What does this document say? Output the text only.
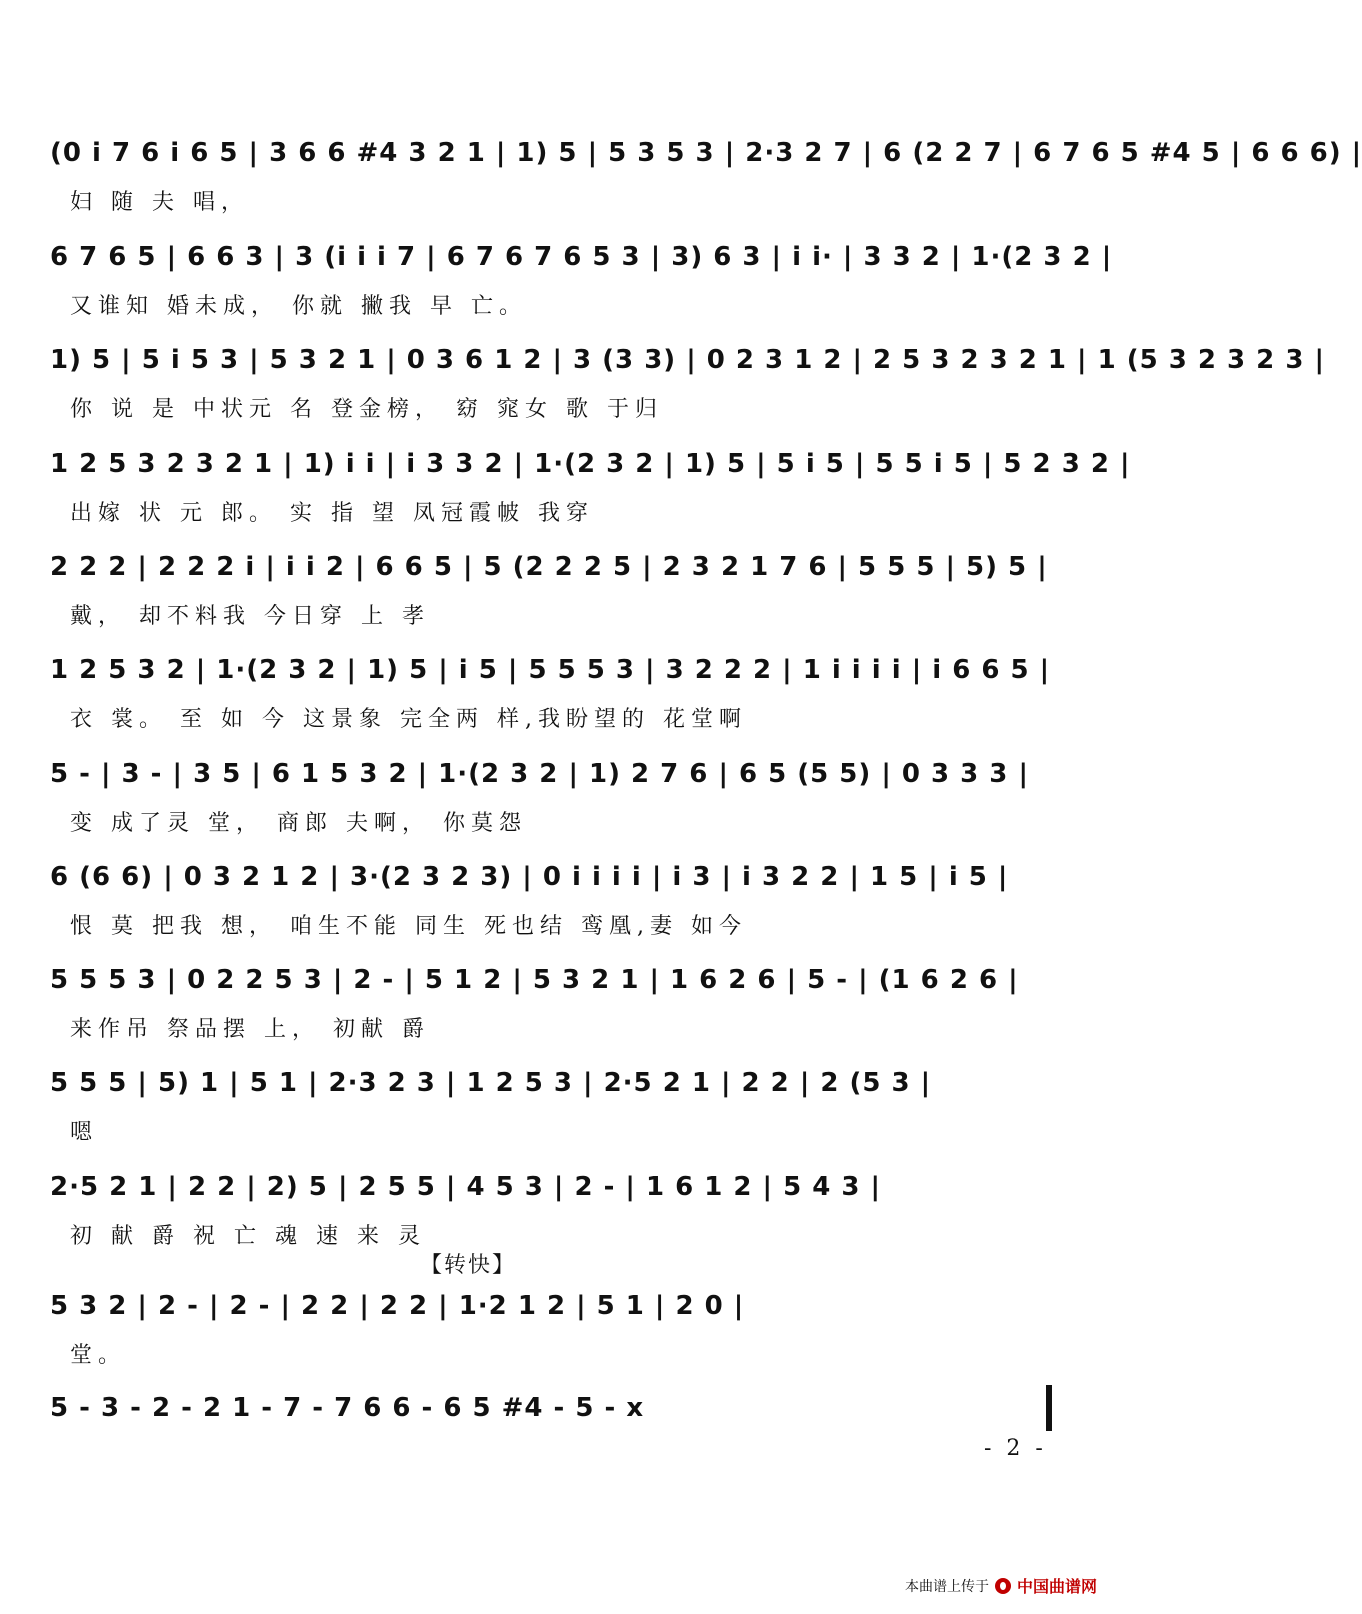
(0 i 7 6 i 6 5 | 3 6 6 #4 3 2 1 | 1) 5 | 5 3 5 3 | 2·3 2 7 | 6 (2 2 7 | 6 7 6 5 #4 5 | 6 6 6) |
妇 随 夫 唱，
6 7 6 5 | 6 6 3 | 3 (i i i 7 | 6 7 6 7 6 5 3 | 3) 6 3 | i i· | 3 3 2 | 1·(2 3 2 |
又谁知 婚未成， 你就 撇我 早 亡。
1) 5 | 5 i 5 3 | 5 3 2 1 | 0 3 6 1 2 | 3 (3 3) | 0 2 3 1 2 | 2 5 3 2 3 2 1 | 1 (5 3 2 3 2 3 |
你 说 是 中状元 名 登金榜， 窈 窕女 歌 于归
1 2 5 3 2 3 2 1 | 1) i i | i 3 3 2 | 1·(2 3 2 | 1) 5 | 5 i 5 | 5 5 i 5 | 5 2 3 2 |
出嫁 状 元 郎。 实 指 望 凤冠霞帔 我穿
2 2 2 | 2 2 2 i | i i 2 | 6 6 5 | 5 (2 2 2 5 | 2 3 2 1 7 6 | 5 5 5 | 5) 5 |
戴， 却不料我 今日穿 上 孝
1 2 5 3 2 | 1·(2 3 2 | 1) 5 | i 5 | 5 5 5 3 | 3 2 2 2 | 1 i i i i | i 6 6 5 |
衣 裳。 至 如 今 这景象 完全两 样,我盼望的 花堂啊
5 - | 3 - | 3 5 | 6 1 5 3 2 | 1·(2 3 2 | 1) 2 7 6 | 6 5 (5 5) | 0 3 3 3 |
变 成了灵 堂， 商郎 夫啊， 你莫怨
6 (6 6) | 0 3 2 1 2 | 3·(2 3 2 3) | 0 i i i i | i 3 | i 3 2 2 | 1 5 | i 5 |
恨 莫 把我 想， 咱生不能 同生 死也结 鸾凰,妻 如今
5 5 5 3 | 0 2 2 5 3 | 2 - | 5 1 2 | 5 3 2 1 | 1 6 2 6 | 5 - | (1 6 2 6 |
来作吊 祭品摆 上， 初献 爵
5 5 5 | 5) 1 | 5 1 | 2·3 2 3 | 1 2 5 3 | 2·5 2 1 | 2 2 | 2 (5 3 |
嗯
2·5 2 1 | 2 2 | 2) 5 | 2 5 5 | 4 5 3 | 2 - | 1 6 1 2 | 5 4 3 |
初 献 爵 祝 亡 魂 速 来 灵
5 3 2 | 2 - | 2 - | 2 2 | 2 2 | 1·2 1 2 | 5 1 | 2 0 |
堂。
5 - 3 - 2 - 2 1 - 7 - 7 6 6 - 6 5 #4 - 5 - x
【转快】
- 2 -
本曲谱上传于 中国曲谱网
